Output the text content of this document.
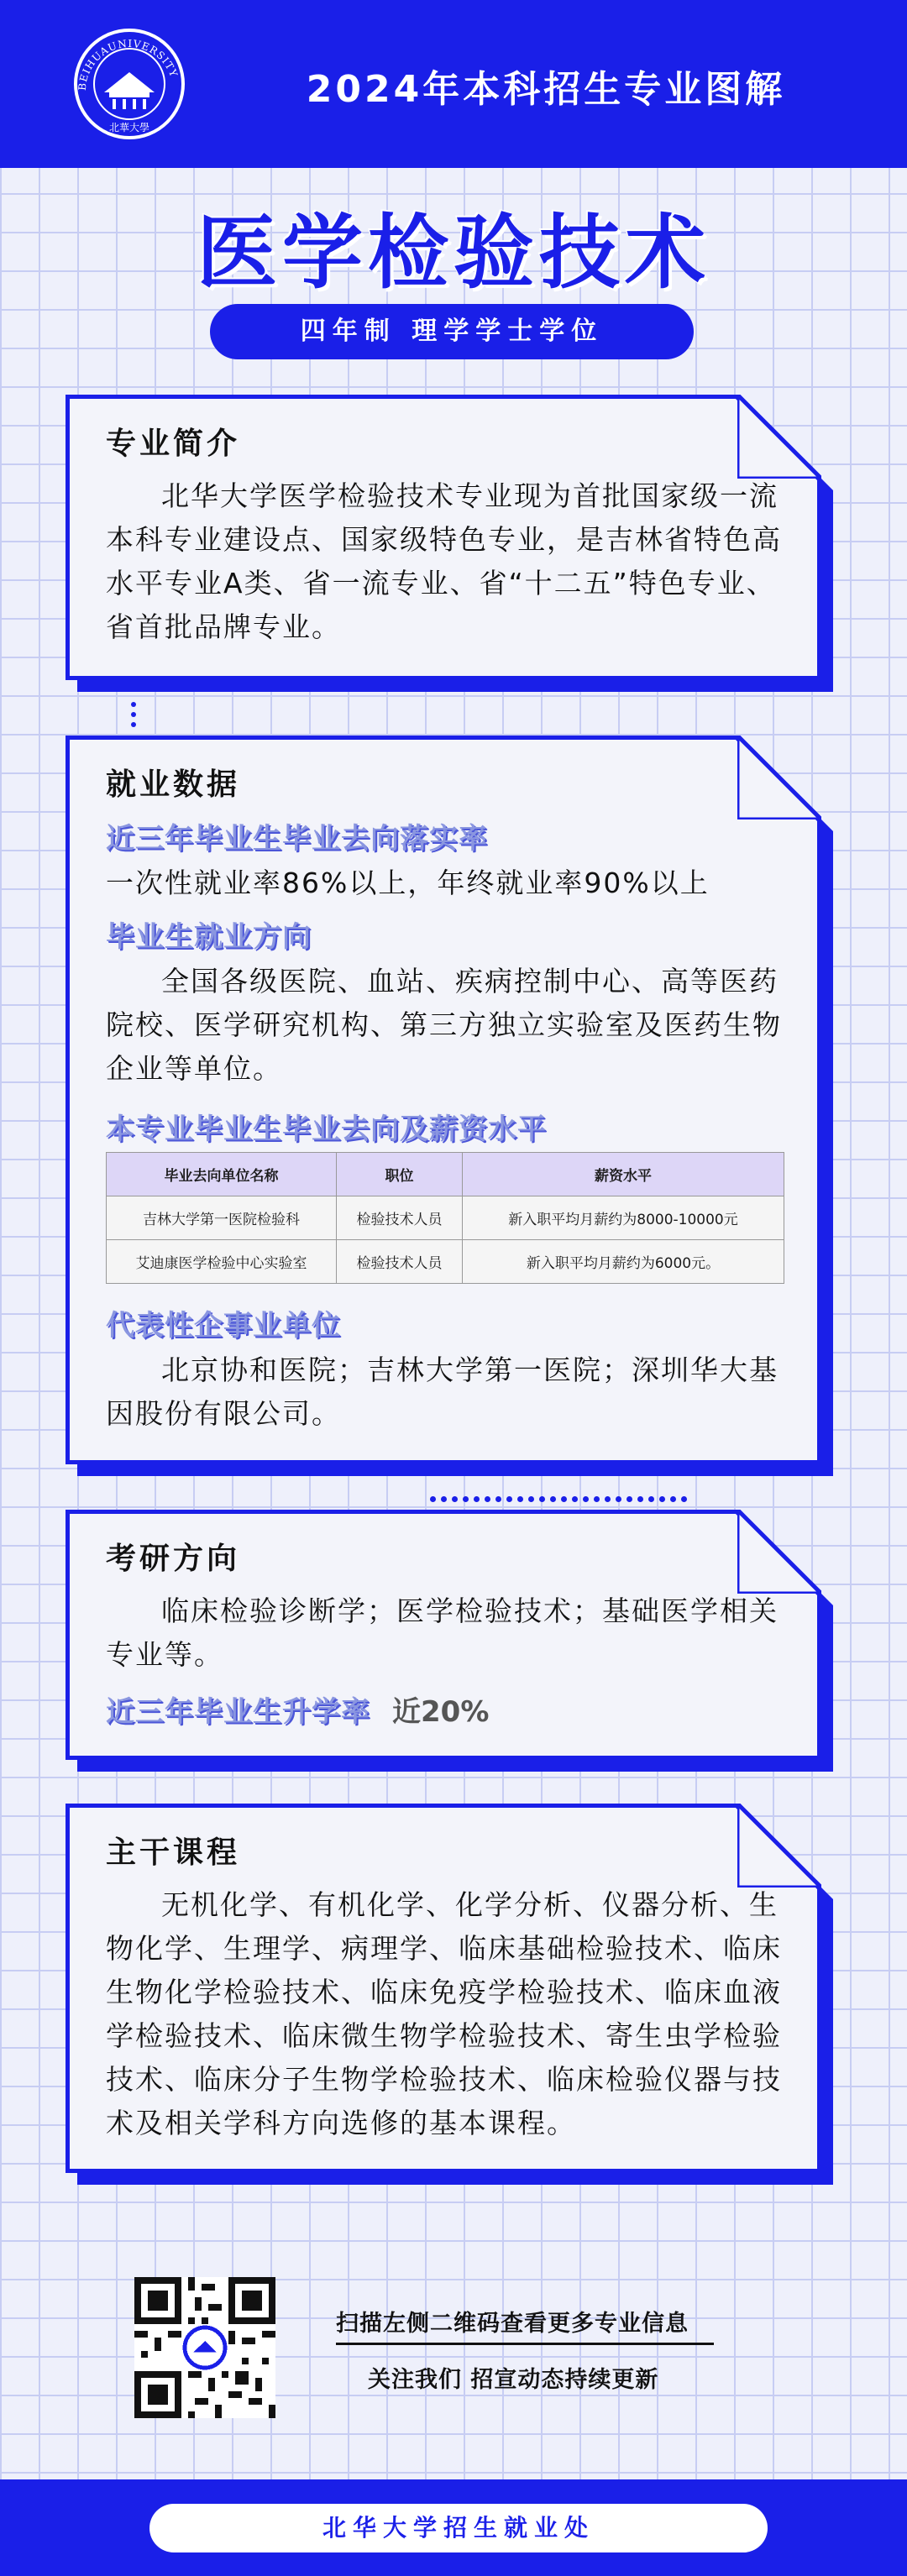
BEIHUAUNIVERSITY
北華大學
2024年本科招生专业图解
医学检验技术
四年制 理学学士学位
专业简介
北华大学医学检验技术专业现为首批国家级一流本科专业建设点、国家级特色专业，是吉林省特色高水平专业A类、省一流专业、省“十二五”特色专业、省首批品牌专业。
就业数据
近三年毕业生毕业去向落实率
一次性就业率86%以上，年终就业率90%以上
毕业生就业方向
全国各级医院、血站、疾病控制中心、高等医药院校、医学研究机构、第三方独立实验室及医药生物企业等单位。
本专业毕业生毕业去向及薪资水平
毕业去向单位名称	职位	薪资水平
吉林大学第一医院检验科	检验技术人员	新入职平均月薪约为8000-10000元
艾迪康医学检验中心实验室	检验技术人员	新入职平均月薪约为6000元。
代表性企事业单位
北京协和医院；吉林大学第一医院；深圳华大基因股份有限公司。
考研方向
临床检验诊断学；医学检验技术；基础医学相关专业等。
近三年毕业生升学率 近20%
主干课程
无机化学、有机化学、化学分析、仪器分析、生物化学、生理学、病理学、临床基础检验技术、临床生物化学检验技术、临床免疫学检验技术、临床血液学检验技术、临床微生物学检验技术、寄生虫学检验技术、临床分子生物学检验技术、临床检验仪器与技术及相关学科方向选修的基本课程。
扫描左侧二维码查看更多专业信息
关注我们 招宣动态持续更新
北华大学招生就业处
